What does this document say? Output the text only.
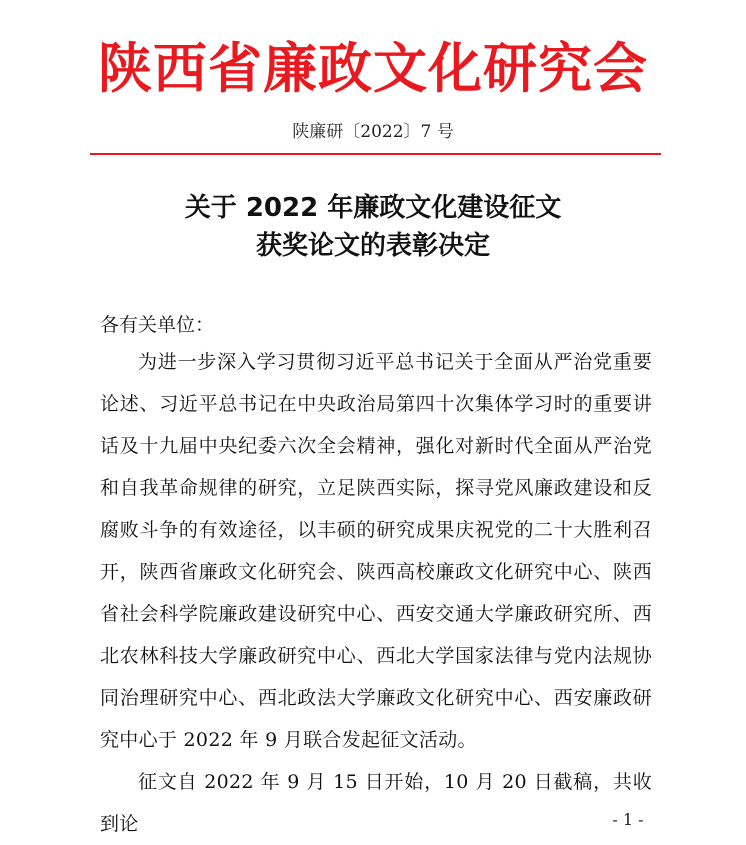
陕西省廉政文化研究会
陕廉研〔2022〕7 号
关于 2022 年廉政文化建设征文
获奖论文的表彰决定
各有关单位：

为进一步深入学习贯彻习近平总书记关于全面从严治党重要论述、习近平总书记在中央政治局第四十次集体学习时的重要讲话及十九届中央纪委六次全会精神，强化对新时代全面从严治党和自我革命规律的研究，立足陕西实际，探寻党风廉政建设和反腐败斗争的有效途径，以丰硕的研究成果庆祝党的二十大胜利召开，陕西省廉政文化研究会、陕西高校廉政文化研究中心、陕西省社会科学院廉政建设研究中心、西安交通大学廉政研究所、西北农林科技大学廉政研究中心、西北大学国家法律与党内法规协同治理研究中心、西北政法大学廉政文化研究中心、西安廉政研究中心于 2022 年 9 月联合发起征文活动。

征文自 2022 年 9 月 15 日开始，10 月 20 日截稿，共收到论	- 1 -
